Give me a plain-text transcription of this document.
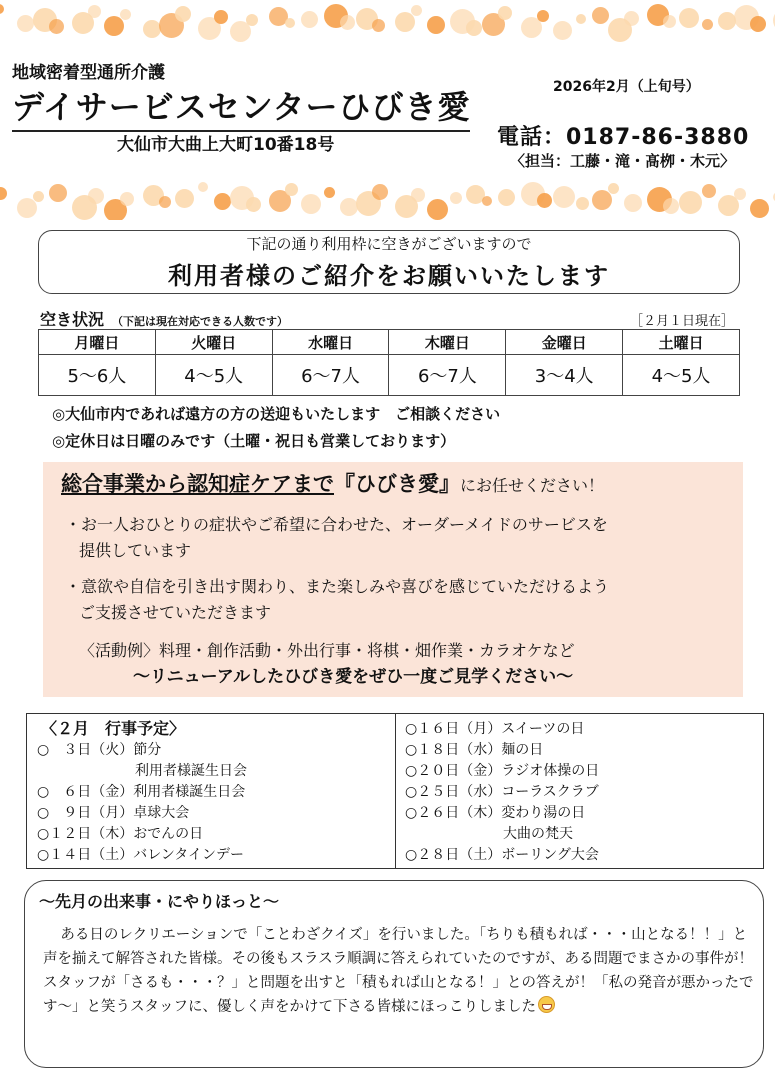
地域密着型通所介護
デイサービスセンターひびき愛
大仙市大曲上大町10番18号
2026年2月（上旬号）
電話：0187-86-3880
〈担当：工藤・滝・髙栁・木元〉
下記の通り利用枠に空きがございますので
利用者様のご紹介をお願いいたします
空き状況 （下記は現在対応できる人数です）	［２月１日現在］
月曜日	火曜日	水曜日	木曜日	金曜日	土曜日
5～6人	4～5人	6～7人	6～7人	3～4人	4～5人
◎大仙市内であれば遠方の方の送迎もいたします　ご相談ください
◎定休日は日曜のみです（土曜・祝日も営業しております）
総合事業から認知症ケアまで『ひびき愛』にお任せください！

・お一人おひとりの症状やご希望に合わせた、オーダーメイドのサービスを

提供しています

・意欲や自信を引き出す関わり、また楽しみや喜びを感じていただけるよう

ご支援させていただきます

〈活動例〉料理・創作活動・外出行事・将棋・畑作業・カラオケなど

～リニューアルしたひびき愛をぜひ一度ご見学ください～

〈２月　行事予定〉
○　３日（火）節分
　　　　　　　利用者様誕生日会
○　６日（金）利用者様誕生日会
○　９日（月）卓球大会
○１２日（木）おでんの日
○１４日（土）バレンタインデー
○１６日（月）スイーツの日
○１８日（水）麺の日
○２０日（金）ラジオ体操の日
○２５日（水）コーラスクラブ
○２６日（木）変わり湯の日
　　　　　　　大曲の梵天
○２８日（土）ボーリング大会
～先月の出来事・にやりほっと～
ある日のレクリエーションで「ことわざクイズ」を行いました。「ちりも積もれば・・・山となる！！」と声を揃えて解答された皆様。その後もスラスラ順調に答えられていたのですが、ある問題でまさかの事件が！スタッフが「さるも・・・？」と問題を出すと「積もれば山となる！」との答えが！「私の発音が悪かったです～」と笑うスタッフに、優しく声をかけて下さる皆様にほっこりしました
